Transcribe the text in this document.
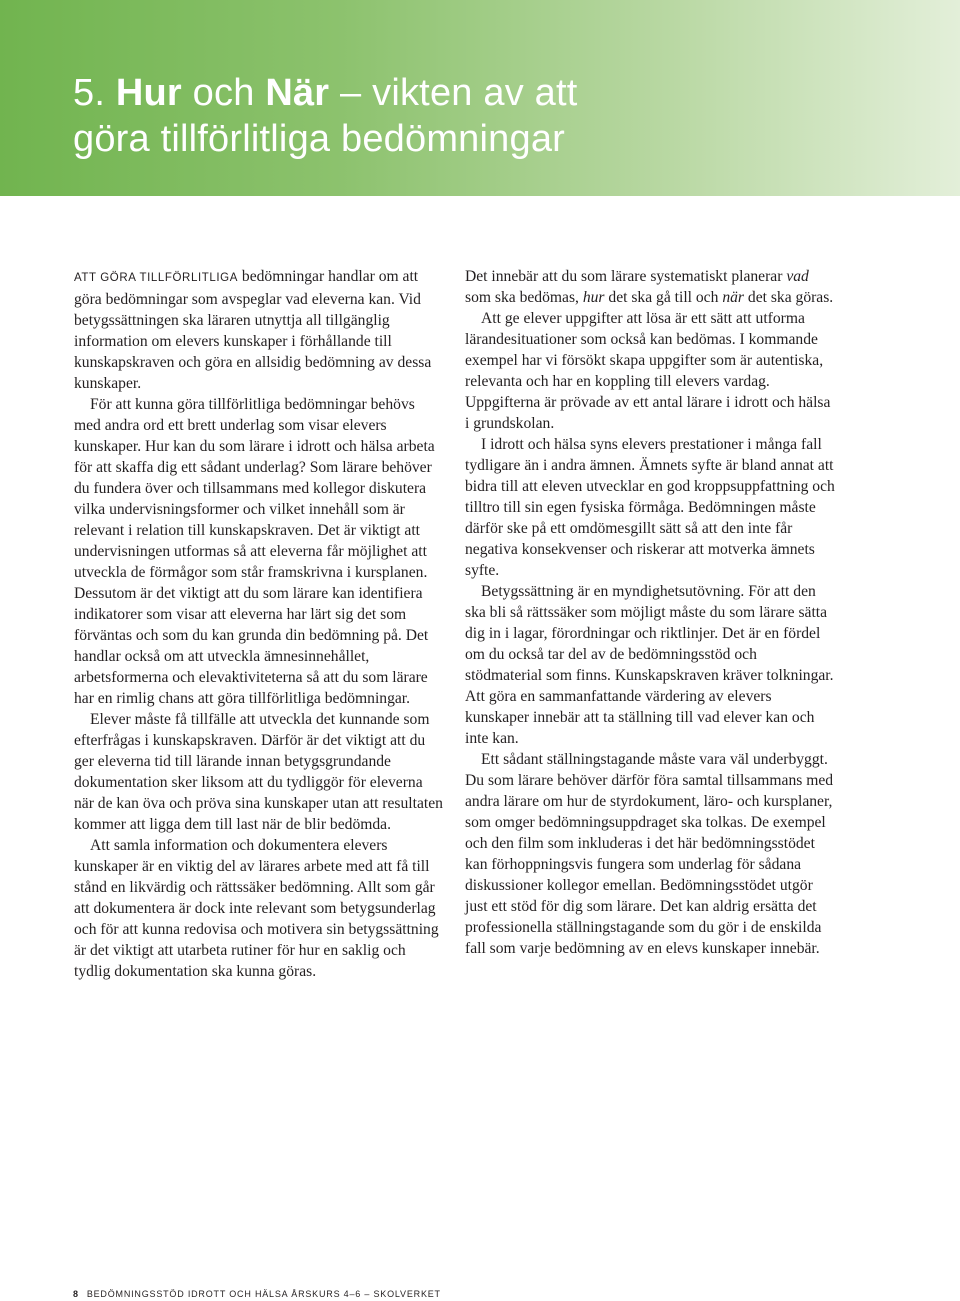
5. Hur och När – vikten av att
göra tillförlitliga bedömningar

ATT GÖRA TILLFÖRLITLIGA bedömningar handlar om att göra bedömningar som avspeglar vad eleverna kan. Vid betygssättningen ska läraren utnyttja all tillgänglig information om elevers kunskaper i förhållande till kunskapskraven och göra en allsidig bedömning av dessa kunskaper.

För att kunna göra tillförlitliga bedömningar behövs med andra ord ett brett underlag som visar elevers kunskaper. Hur kan du som lärare i idrott och hälsa arbeta för att skaffa dig ett sådant underlag? Som lärare behöver du fundera över och tillsammans med kollegor diskutera vilka undervisningsformer och vilket innehåll som är relevant i relation till kunskapskraven. Det är viktigt att undervisningen utformas så att eleverna får möjlighet att utveckla de förmågor som står framskrivna i kursplanen. Dessutom är det viktigt att du som lärare kan identifiera indikatorer som visar att eleverna har lärt sig det som förväntas och som du kan grunda din bedömning på. Det handlar också om att utveckla ämnesinnehållet, arbetsformerna och elevaktiviteterna så att du som lärare har en rimlig chans att göra tillförlitliga bedömningar.

Elever måste få tillfälle att utveckla det kunnande som efterfrågas i kunskapskraven. Därför är det viktigt att du ger eleverna tid till lärande innan betygsgrundande dokumentation sker liksom att du tydliggör för eleverna när de kan öva och pröva sina kunskaper utan att resultaten kommer att ligga dem till last när de blir bedömda.

Att samla information och dokumentera elevers kunskaper är en viktig del av lärares arbete med att få till stånd en likvärdig och rättssäker bedömning. Allt som går att dokumentera är dock inte relevant som betygsunderlag och för att kunna redovisa och motivera sin betygssättning är det viktigt att utarbeta rutiner för hur en saklig och tydlig dokumentation ska kunna göras.

Det innebär att du som lärare systematiskt planerar vad som ska bedömas, hur det ska gå till och när det ska göras.

Att ge elever uppgifter att lösa är ett sätt att utforma lärandesituationer som också kan bedömas. I kommande exempel har vi försökt skapa uppgifter som är autentiska, relevanta och har en koppling till elevers vardag. Uppgifterna är prövade av ett antal lärare i idrott och hälsa i grundskolan.

I idrott och hälsa syns elevers prestationer i många fall tydligare än i andra ämnen. Ämnets syfte är bland annat att bidra till att eleven utvecklar en god kroppsuppfattning och tilltro till sin egen fysiska förmåga. Bedömningen måste därför ske på ett omdömesgillt sätt så att den inte får negativa konsekvenser och riskerar att motverka ämnets syfte.

Betygssättning är en myndighetsutövning. För att den ska bli så rättssäker som möjligt måste du som lärare sätta dig in i lagar, förordningar och riktlinjer. Det är en fördel om du också tar del av de bedömningsstöd och stödmaterial som finns. Kunskapskraven kräver tolkningar. Att göra en sammanfattande värdering av elevers kunskaper innebär att ta ställning till vad elever kan och inte kan.

Ett sådant ställningstagande måste vara väl underbyggt. Du som lärare behöver därför föra samtal tillsammans med andra lärare om hur de styrdokument, läro- och kursplaner, som omger bedömningsuppdraget ska tolkas. De exempel och den film som inkluderas i det här bedömningsstödet kan förhoppningsvis fungera som underlag för sådana diskussioner kollegor emellan. Bedömningsstödet utgör just ett stöd för dig som lärare. Det kan aldrig ersätta det professionella ställningstagande som du gör i de enskilda fall som varje bedömning av en elevs kunskaper innebär.

8 BEDÖMNINGSSTÖD IDROTT OCH HÄLSA ÅRSKURS 4–6 – SKOLVERKET
